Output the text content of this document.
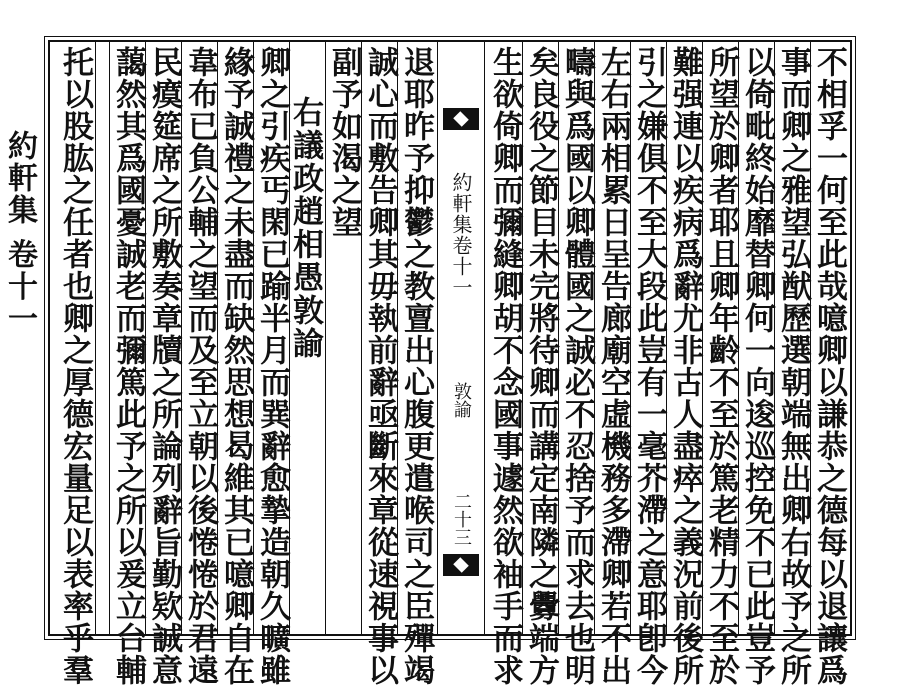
約軒集 卷十一	不相孚一何至此哉噫卿以謙恭之德每以退讓爲
事而卿之雅望弘猷歷選朝端無出卿右故予之所
以倚毗終始靡替卿何一向逡巡控免不已此豈予
所望於卿者耶且卿年齡不至於篤老精力不至於
難强連以疾病爲辭尤非古人盡瘁之義況前後所
引之嫌俱不至大段此豈有一毫芥滯之意耶卽今
左右兩相累日呈告廊廟空虛機務多滯卿若不出
疇與爲國以卿體國之誠必不忍捨予而求去也明
矣良役之節目未完將待卿而講定南隣之釁端方
生欲倚卿而彌縫卿胡不念國事遽然欲袖手而求
約軒集卷十一
敦諭
二十三
退耶昨予抑鬱之教亶出心腹更遣喉司之臣殫竭
誠心而敷告卿其毋執前辭亟斷來章從速視事以
副予如渴之望
右議政趙相愚敦諭
卿之引疾丐閑已踰半月而巽辭愈摯造朝久曠雖
緣予誠禮之未盡而缺然思想曷維其已噫卿自在
韋布已負公輔之望而及至立朝以後惓惓於君遠
民瘼筵席之所敷奏章牘之所論列辭旨勤欵誠意
藹然其爲國憂誠老而彌篤此予之所以爰立台輔
托以股肱之任者也卿之厚德宏量足以表率乎羣
